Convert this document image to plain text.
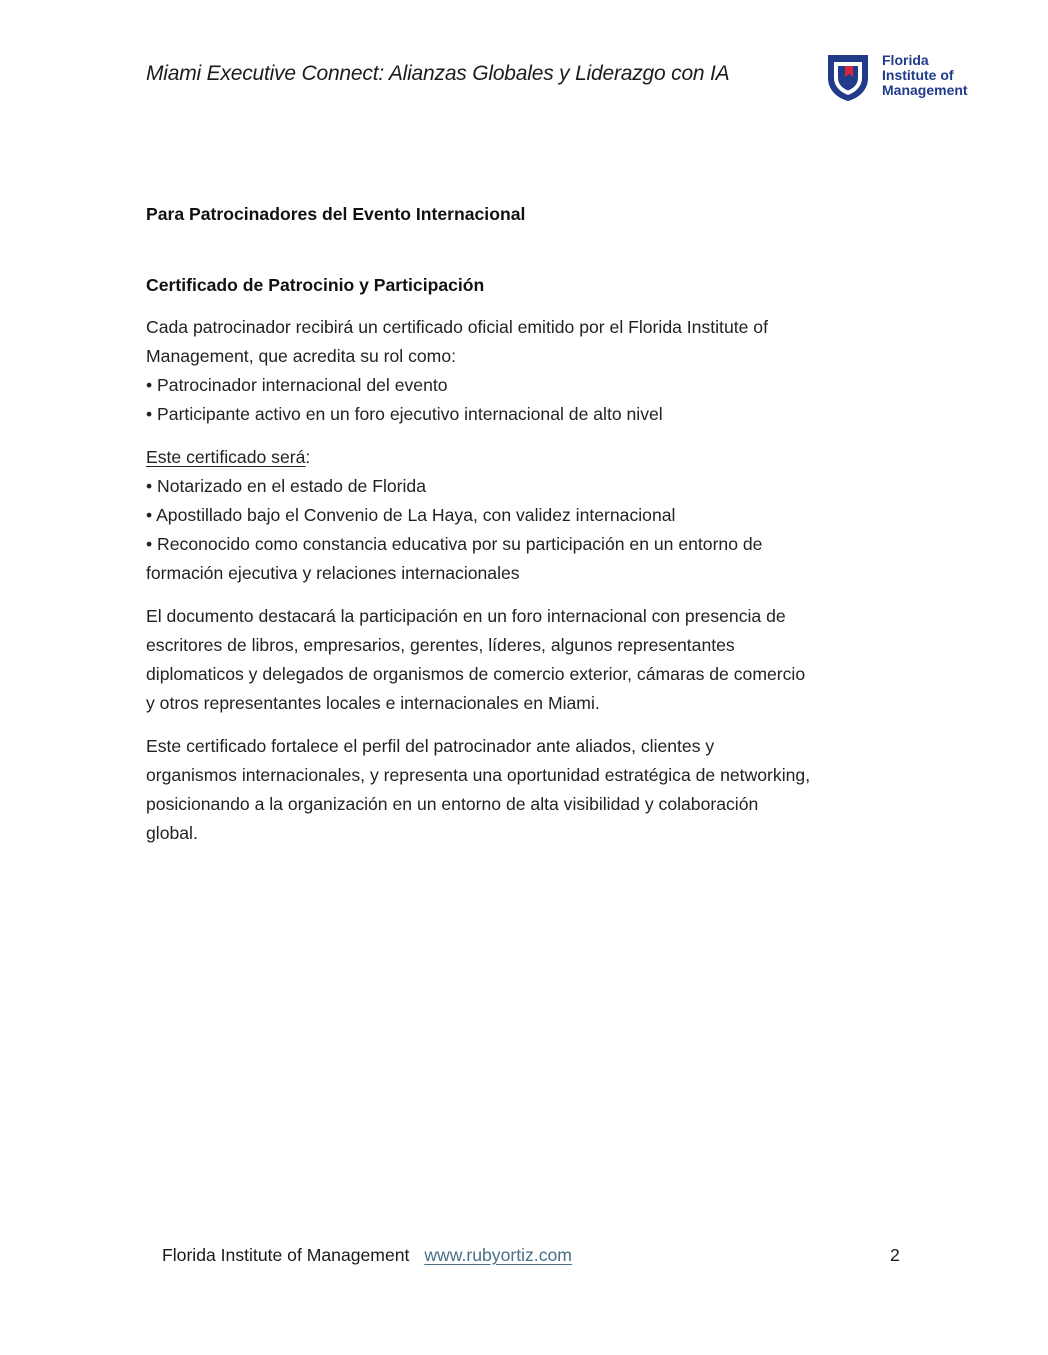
Miami Executive Connect: Alianzas Globales y Liderazgo con IA
Florida
Institute of
Management

Para Patrocinadores del Evento Internacional

Certificado de Patrocinio y Participación

Cada patrocinador recibirá un certificado oficial emitido por el Florida Institute of
Management, que acredita su rol como:
• Patrocinador internacional del evento
• Participante activo en un foro ejecutivo internacional de alto nivel

Este certificado será:
• Notarizado en el estado de Florida
• Apostillado bajo el Convenio de La Haya, con validez internacional
• Reconocido como constancia educativa por su participación en un entorno de
formación ejecutiva y relaciones internacionales

El documento destacará la participación en un foro internacional con presencia de
escritores de libros, empresarios, gerentes, líderes, algunos representantes
diplomaticos y delegados de organismos de comercio exterior, cámaras de comercio
y otros representantes locales e internacionales en Miami.

Este certificado fortalece el perfil del patrocinador ante aliados, clientes y
organismos internacionales, y representa una oportunidad estratégica de networking,
posicionando a la organización en un entorno de alta visibilidad y colaboración
global.

Florida Institute of Management www.rubyortiz.com	2
